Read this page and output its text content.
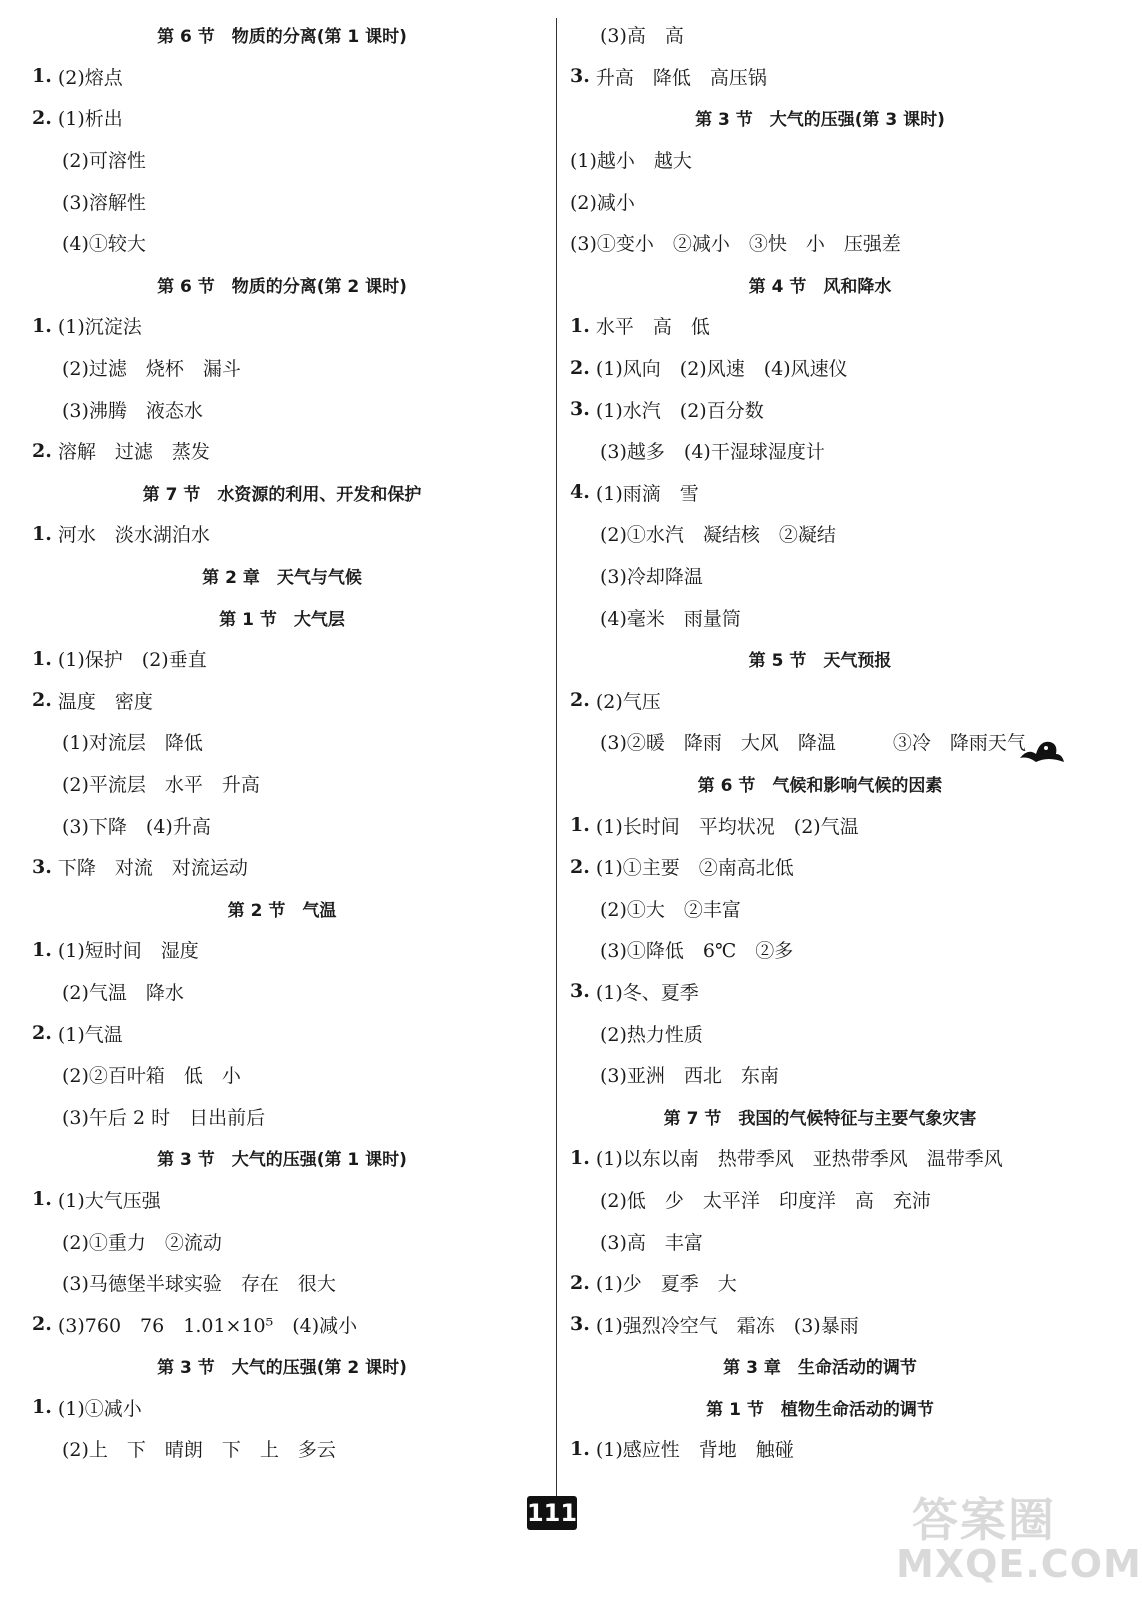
第 6 节　物质的分离(第 1 课时)
1. (2)熔点
2. (1)析出
(2)可溶性
(3)溶解性
(4)①较大
第 6 节　物质的分离(第 2 课时)
1. (1)沉淀法
(2)过滤　烧杯　漏斗
(3)沸腾　液态水
2. 溶解　过滤　蒸发
第 7 节　水资源的利用、开发和保护
1. 河水　淡水湖泊水
第 2 章　天气与气候
第 1 节　大气层
1. (1)保护　(2)垂直
2. 温度　密度
(1)对流层　降低
(2)平流层　水平　升高
(3)下降　(4)升高
3. 下降　对流　对流运动
第 2 节　气温
1. (1)短时间　湿度
(2)气温　降水
2. (1)气温
(2)②百叶箱　低　小
(3)午后 2 时　日出前后
第 3 节　大气的压强(第 1 课时)
1. (1)大气压强
(2)①重力　②流动
(3)马德堡半球实验　存在　很大
2. (3)760　76　1.01×10⁵　(4)减小
第 3 节　大气的压强(第 2 课时)
1. (1)①减小
(2)上　下　晴朗　下　上　多云
(3)高　高
3. 升高　降低　高压锅
第 3 节　大气的压强(第 3 课时)
(1)越小　越大
(2)减小
(3)①变小　②减小　③快　小　压强差
第 4 节　风和降水
1. 水平　高　低
2. (1)风向　(2)风速　(4)风速仪
3. (1)水汽　(2)百分数
(3)越多　(4)干湿球湿度计
4. (1)雨滴　雪
(2)①水汽　凝结核　②凝结
(3)冷却降温
(4)毫米　雨量筒
第 5 节　天气预报
2. (2)气压
(3)②暖　降雨　大风　降温　　　③冷　降雨天气
第 6 节　气候和影响气候的因素
1. (1)长时间　平均状况　(2)气温
2. (1)①主要　②南高北低
(2)①大　②丰富
(3)①降低　6℃　②多
3. (1)冬、夏季
(2)热力性质
(3)亚洲　西北　东南
第 7 节　我国的气候特征与主要气象灾害
1. (1)以东以南　热带季风　亚热带季风　温带季风
(2)低　少　太平洋　印度洋　高　充沛
(3)高　丰富
2. (1)少　夏季　大
3. (1)强烈冷空气　霜冻　(3)暴雨
第 3 章　生命活动的调节
第 1 节　植物生命活动的调节
1. (1)感应性　背地　触碰
111	答案圈
MXQE.COM
